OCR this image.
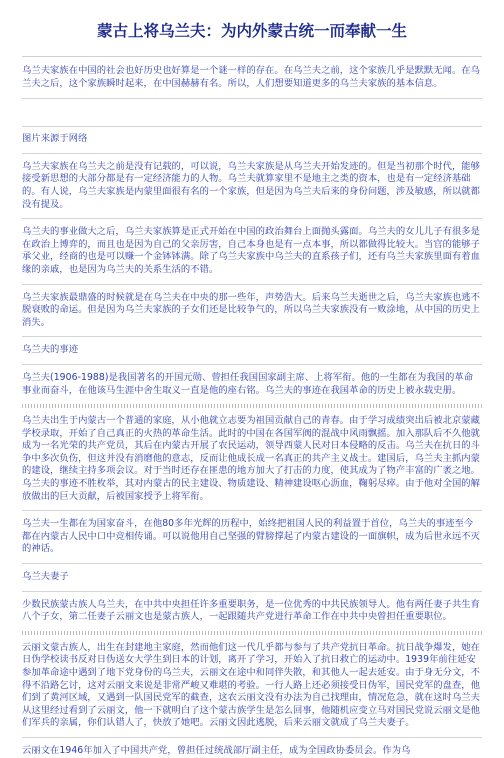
蒙古上将乌兰夫：为内外蒙古统一而奉献一生

乌兰夫家族在中国的社会也好历史也好算是一个谜一样的存在。在乌兰夫之前，这个家族几乎是默默无闻。在乌兰夫之后，这个家族瞬时起来，在中国赫赫有名。所以，人们想要知道更多的乌兰夫家族的基本信息。

图片来源于网络

乌兰夫家族在乌兰夫之前是没有记载的，可以说，乌兰夫家族是从乌兰夫开始发迹的。但是当初那个时代，能够接受新思想的大部分都是有一定经济能力的人物。乌兰夫就算家里不是地主之类的资本，也是有一定经济基础的。有人说，乌兰夫家族是内蒙里面很有名的一个家族，但是因为乌兰夫后来的身份问题，涉及敏感，所以就都没有提及。

乌兰夫的事业做大之后，乌兰夫家族算是正式开始在中国的政治舞台上面抛头露面。乌兰夫的女儿儿子有很多是在政治上博弈的，而且也是因为自己的父亲厉害，自己本身也是有一点本事，所以都做得比较大。当官的能够子承父业，经商的也是可以赚一个金钵钵满。除了乌兰夫家族中乌兰夫的直系孩子们，还有乌兰夫家族里面有着血缘的亲戚，也是因为乌兰夫的关系生活的不错。

乌兰夫家族最鼎盛的时候就是在乌兰夫在中央的那一些年，声势浩大。后来乌兰夫逝世之后，乌兰夫家族也逃不脱衰败的命运。但是因为乌兰夫家族的子女们还是比较争气的，所以乌兰夫家族没有一败涂地，从中国的历史上消失。

乌兰夫的事迹

乌兰夫(1906-1988)是我国著名的开国元勋、曾担任我国国家副主席、上将军衔。他的一生都在为我国的革命事业而奋斗，在他该马生涯中舍生取义一直是他的座右铭。乌兰夫的事迹在我国革命的历史上被永载史册。

乌兰夫出生于内蒙古一个普通的家庭，从小他就立志要为祖国贡献自己的青春。由于学习成绩突出后被北京蒙藏学校录取，开始了自己真正的火热的革命生活。此时的中国在各国军阀的混战中风雨飘摇。加入那队后不久他就成为一名光荣的共产党员，其后在内蒙古开展了农民运动，领导西蒙人民对日本侵略的反击。乌兰夫在抗日的斗争中多次负伤，但这并没有消磨他的意志，反而让他成长成一名真正的共产主义战士。建国后，乌兰夫主抓内蒙的建设，继续主持多项会议。对于当时还存在匪患的地方加大了打击的力度，使其成为了物产丰富的广袤之地。乌兰夫的事迹不胜枚举，其对内蒙古的民主建设、物质建设、精神建设呕心沥血，鞠躬尽瘁。由于他对全国的解放做出的巨大贡献，后被国家授予上将军衔。

乌兰夫一生都在为国家奋斗，在他80多年光辉的历程中，始终把祖国人民的利益置于首位，乌兰夫的事迹至今都在内蒙古人民中口中竞相传诵。可以说他用自己坚强的臂膀撑起了内蒙古建设的一面旗帜，成为后世永远不灭的神话。

乌兰夫妻子

少数民族蒙古族人乌兰夫，在中共中央担任许多重要职务，是一位优秀的中共民族领导人。他有两任妻子共生育八个子女，第二任妻子云丽文也是蒙古族人，一起跟随共产党进行革命工作在中共中央曾担任重要职位。

云丽文蒙古族人，出生在封建地主家庭，然而他们这一代几乎都与参与了共产党抗日革命。抗日战争爆发，她在日伪学校读书反对日伪送女大学生到日本的计划，离开了学习，开始入了抗日救亡的运动中。1939年前往延安参加革命途中遇到了地下党身份的乌兰夫，云丽文在途中和同伴失散，和其他人一起去延安。由于身无分文，不得不沿路乞讨，这对云丽文来说是非常严峻又难堪的考验。一行人路上还必须接受日伪军，国民党军的盘查，他们到了黄河区域，又遇到一队国民党军的截查，这农云丽文没有办法为自己找理由，情况危急，就在这时乌兰夫从这里经过看到了云丽文，他一下就明白了这个蒙古族学生是怎么回事，他随机应变立马对国民党说云丽文是他们军兵的亲属，你们认错人了，快放了她吧。云丽文因此逃脱，后来云丽文就成了乌兰夫妻子。

云丽文在1946年加入了中国共产党，曾担任过统战部厅副主任，成为全国政协委员会。作为乌
